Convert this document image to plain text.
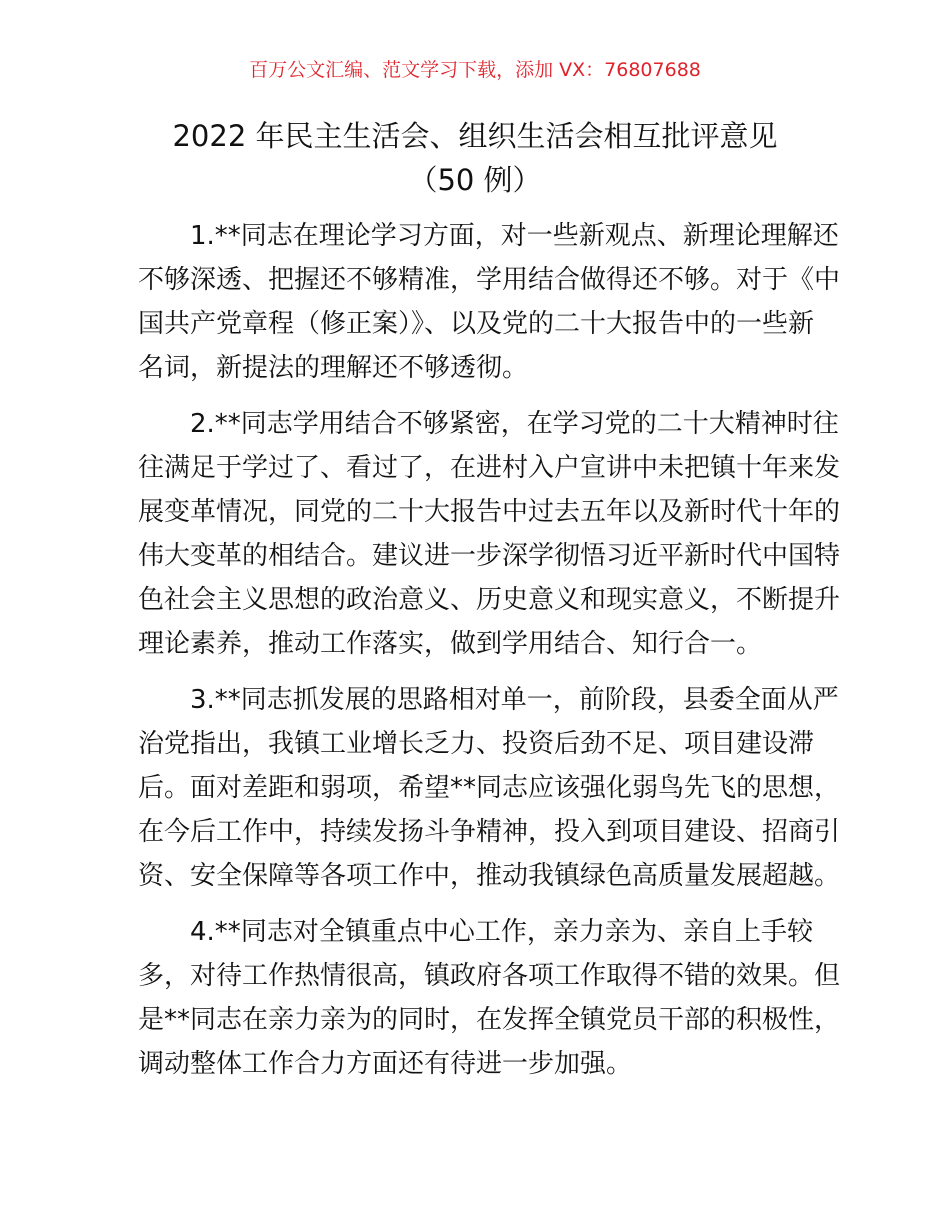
百万公文汇编、范文学习下载，添加 VX：76807688
2022 年民主生活会、组织生活会相互批评意见
（50 例）
1.**同志在理论学习方面，对一些新观点、新理论理解还
不够深透、把握还不够精准，学用结合做得还不够。对于《中
国共产党章程（修正案）》、以及党的二十大报告中的一些新
名词，新提法的理解还不够透彻。
2.**同志学用结合不够紧密，在学习党的二十大精神时往
往满足于学过了、看过了，在进村入户宣讲中未把镇十年来发
展变革情况，同党的二十大报告中过去五年以及新时代十年的
伟大变革的相结合。建议进一步深学彻悟习近平新时代中国特
色社会主义思想的政治意义、历史意义和现实意义，不断提升
理论素养，推动工作落实，做到学用结合、知行合一。
3.**同志抓发展的思路相对单一，前阶段，县委全面从严
治党指出，我镇工业增长乏力、投资后劲不足、项目建设滞
后。面对差距和弱项，希望**同志应该强化弱鸟先飞的思想，
在今后工作中，持续发扬斗争精神，投入到项目建设、招商引
资、安全保障等各项工作中，推动我镇绿色高质量发展超越。
4.**同志对全镇重点中心工作，亲力亲为、亲自上手较
多，对待工作热情很高，镇政府各项工作取得不错的效果。但
是**同志在亲力亲为的同时，在发挥全镇党员干部的积极性，
调动整体工作合力方面还有待进一步加强。
